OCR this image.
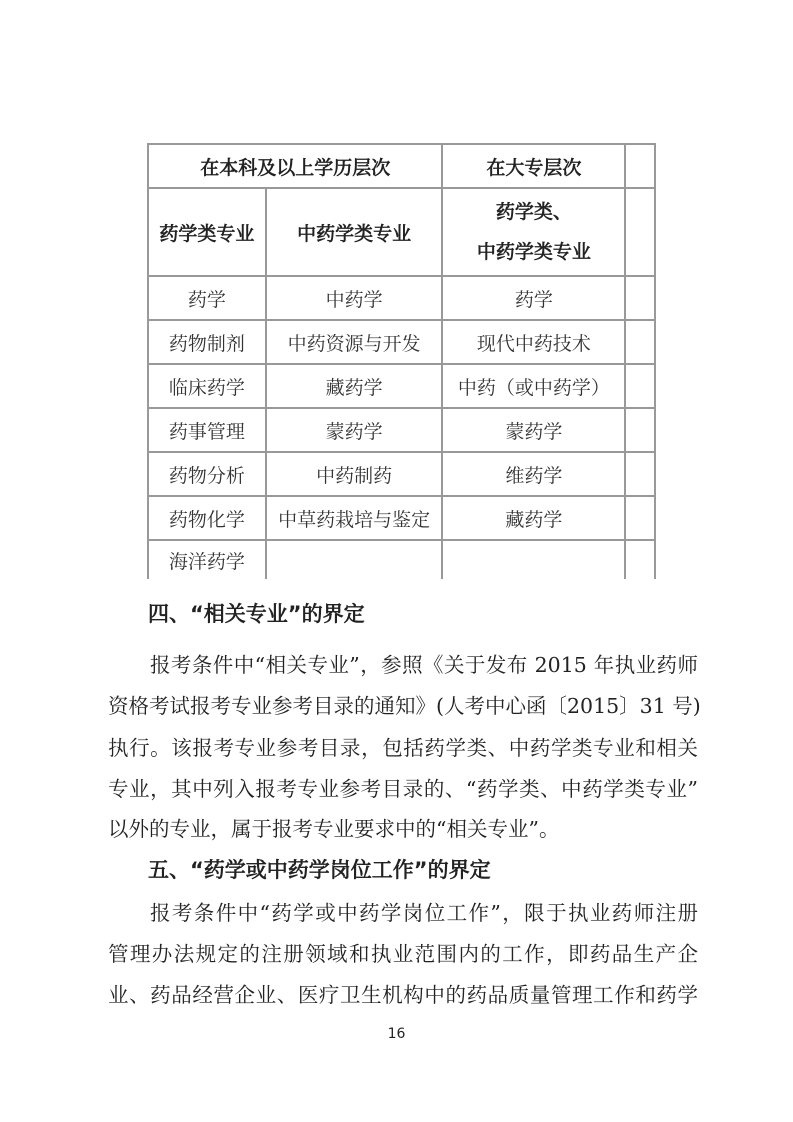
在本科及以上学历层次		在大专层次	
药学类专业	中药学类专业	药学类、
中药学类专业	

药学	中药学	药学	
药物制剂	中药资源与开发	现代中药技术	
临床药学	藏药学	中药（或中药学）	
药事管理	蒙药学	蒙药学	
药物分析	中药制药	维药学	
药物化学	中草药栽培与鉴定	藏药学	
海洋药学			
四、“相关专业”的界定
报考条件中“相关专业”，参照《关于发布 2015 年执业药师
资格考试报考专业参考目录的通知》(人考中心函〔2015〕31 号)
执行。该报考专业参考目录，包括药学类、中药学类专业和相关
专业，其中列入报考专业参考目录的、“药学类、中药学类专业”
以外的专业，属于报考专业要求中的“相关专业”。
五、“药学或中药学岗位工作”的界定
报考条件中“药学或中药学岗位工作”，限于执业药师注册
管理办法规定的注册领域和执业范围内的工作，即药品生产企
业、药品经营企业、医疗卫生机构中的药品质量管理工作和药学
16
